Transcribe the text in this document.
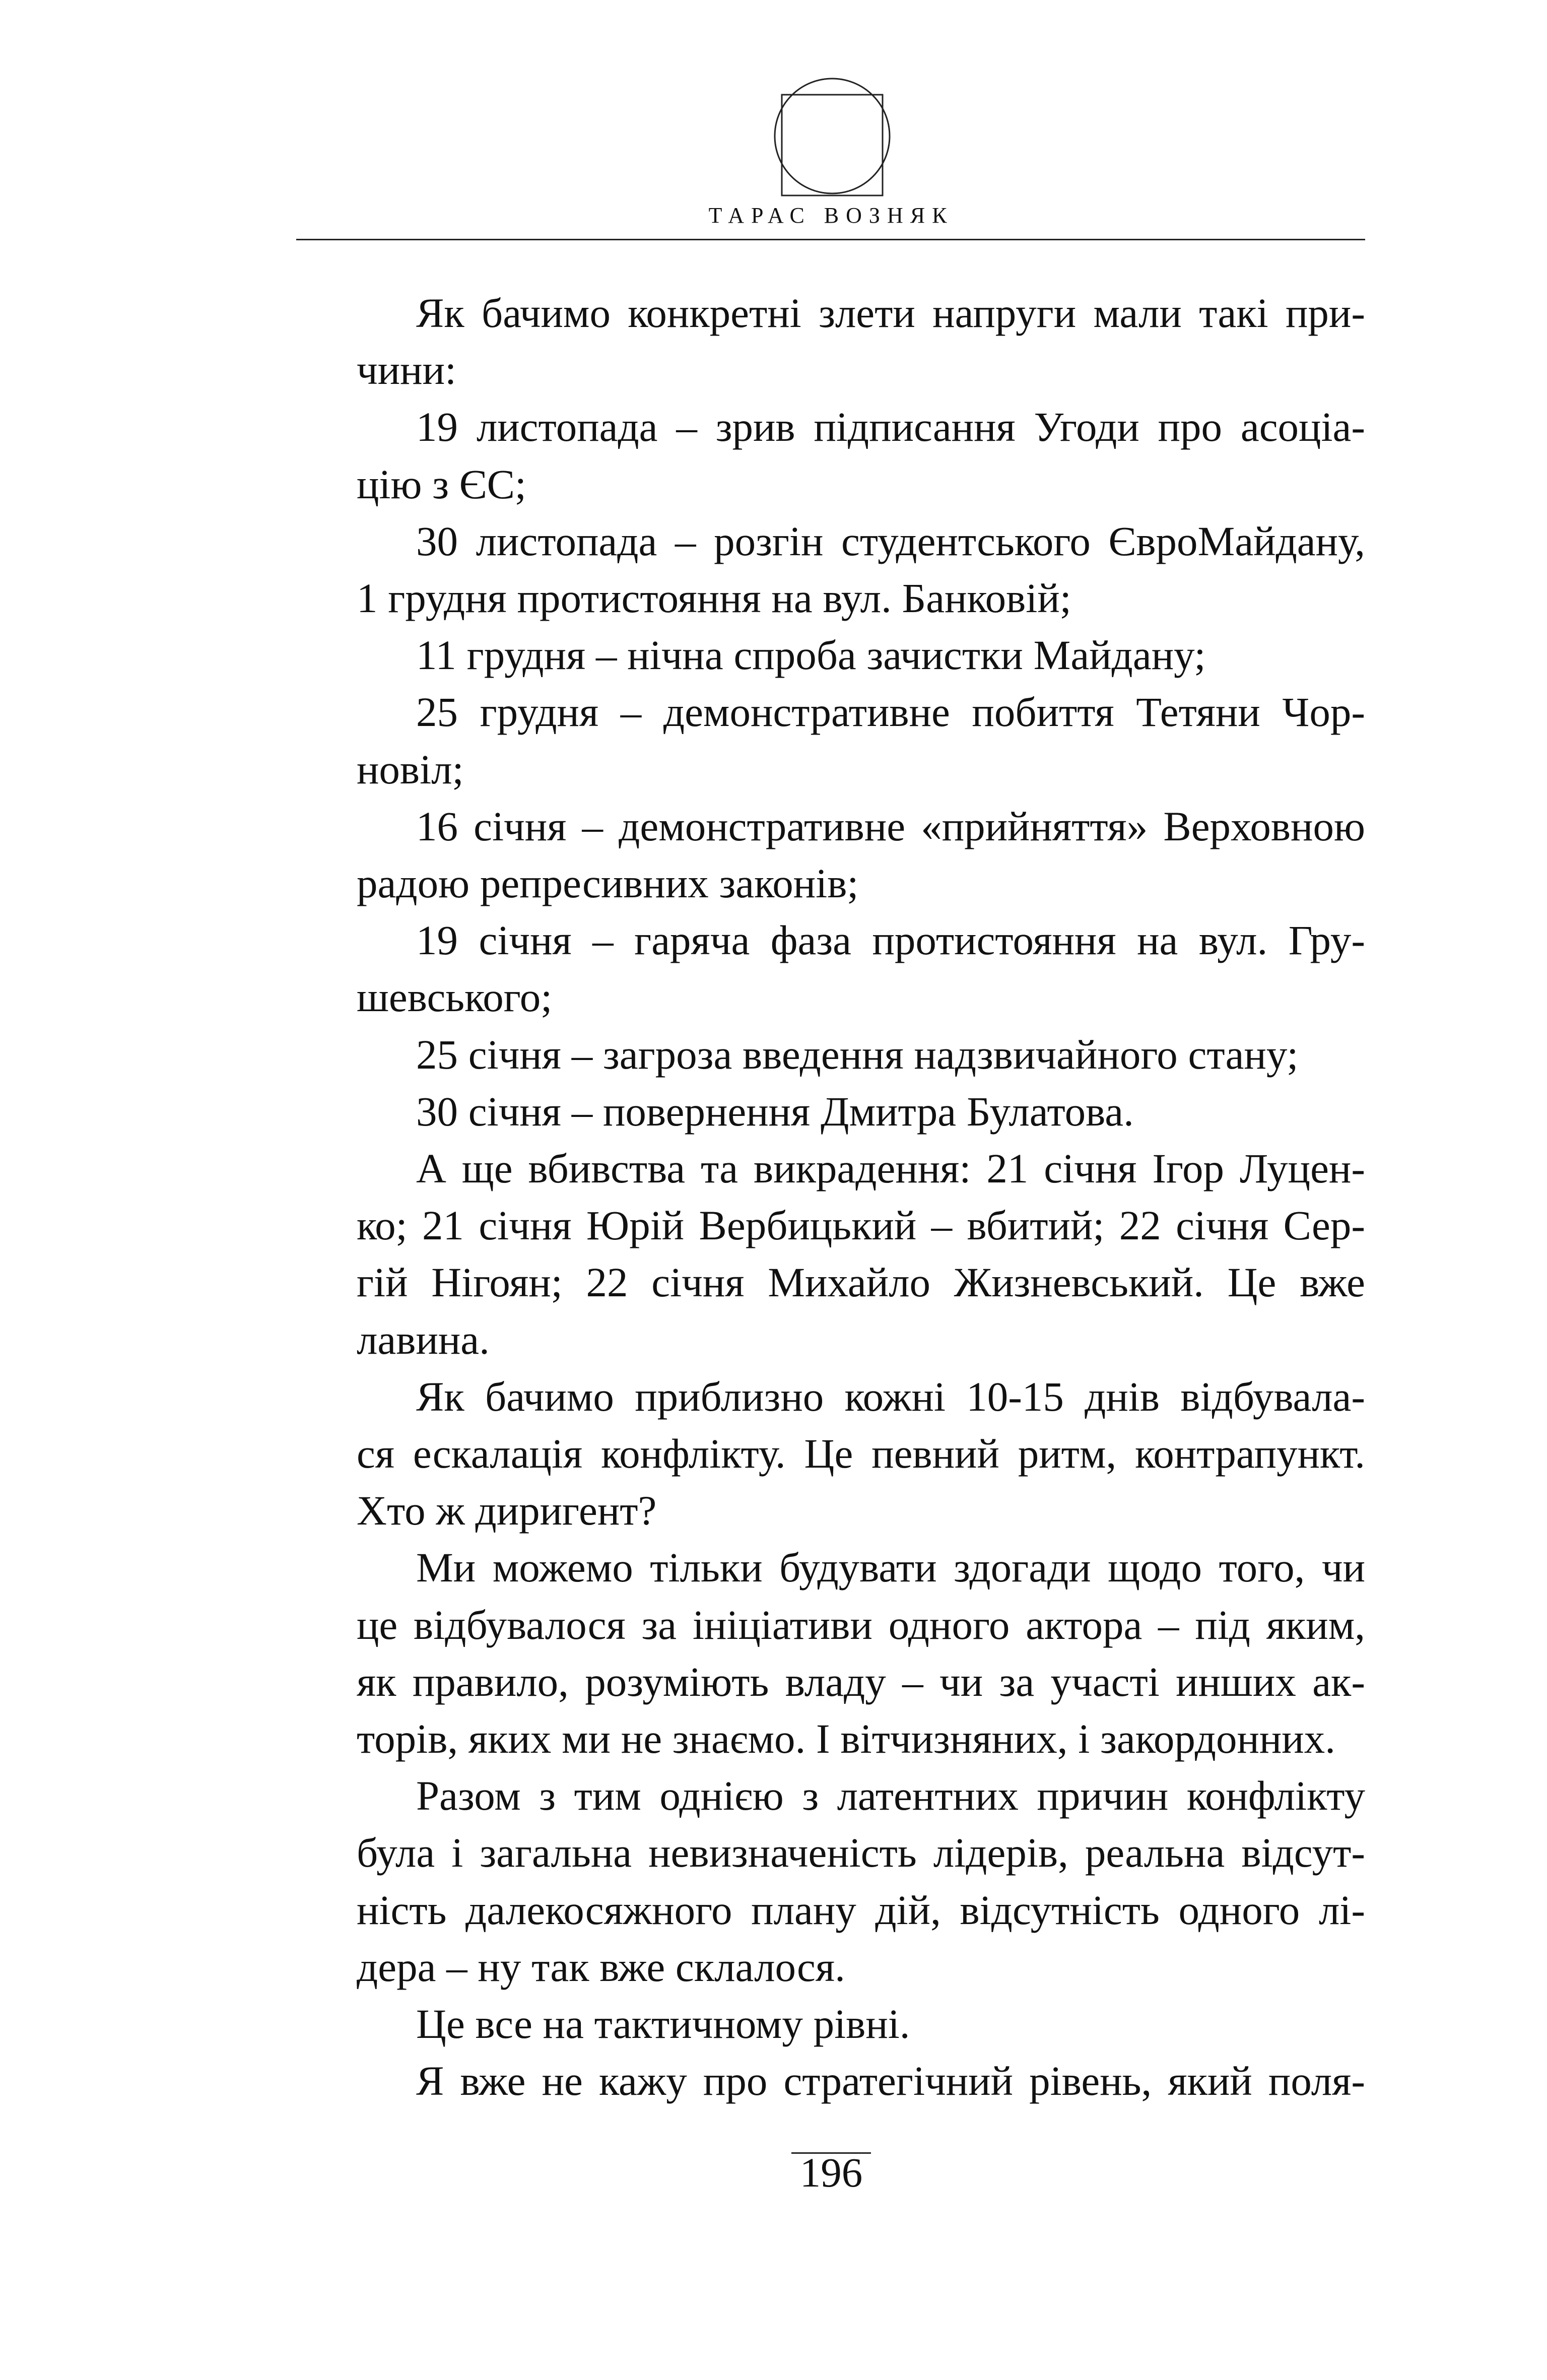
ТАРАС ВОЗНЯК
Як бачимо конкретні злети напруги мали такі при-
чини:
19 листопада – зрив підписання Угоди про асоціа-
цію з ЄС;
30 листопада – розгін студентського ЄвроМайдану,
1 грудня протистояння на вул. Банковій;
11 грудня – нічна спроба зачистки Майдану;
25 грудня – демонстративне побиття Тетяни Чор-
новіл;
16 січня – демонстративне «прийняття» Верховною
радою репресивних законів;
19 січня – гаряча фаза протистояння на вул. Гру-
шевського;
25 січня – загроза введення надзвичайного стану;
30 січня – повернення Дмитра Булатова.
А ще вбивства та викрадення: 21 січня Ігор Луцен-
ко; 21 січня Юрій Вербицький – вбитий; 22 січня Сер-
гій Нігоян; 22 січня Михайло Жизневський. Це вже
лавина.
Як бачимо приблизно кожні 10-15 днів відбувала-
ся ескалація конфлікту. Це певний ритм, контрапункт.
Хто ж диригент?
Ми можемо тільки будувати здогади щодо того, чи
це відбувалося за ініціативи одного актора – під яким,
як правило, розуміють владу – чи за участі инших ак-
торів, яких ми не знаємо. І вітчизняних, і закордонних.
Разом з тим однією з латентних причин конфлікту
була і загальна невизначеність лідерів, реальна відсут-
ність далекосяжного плану дій, відсутність одного лі-
дера – ну так вже склалося.
Це все на тактичному рівні.
Я вже не кажу про стратегічний рівень, який поля-
196
